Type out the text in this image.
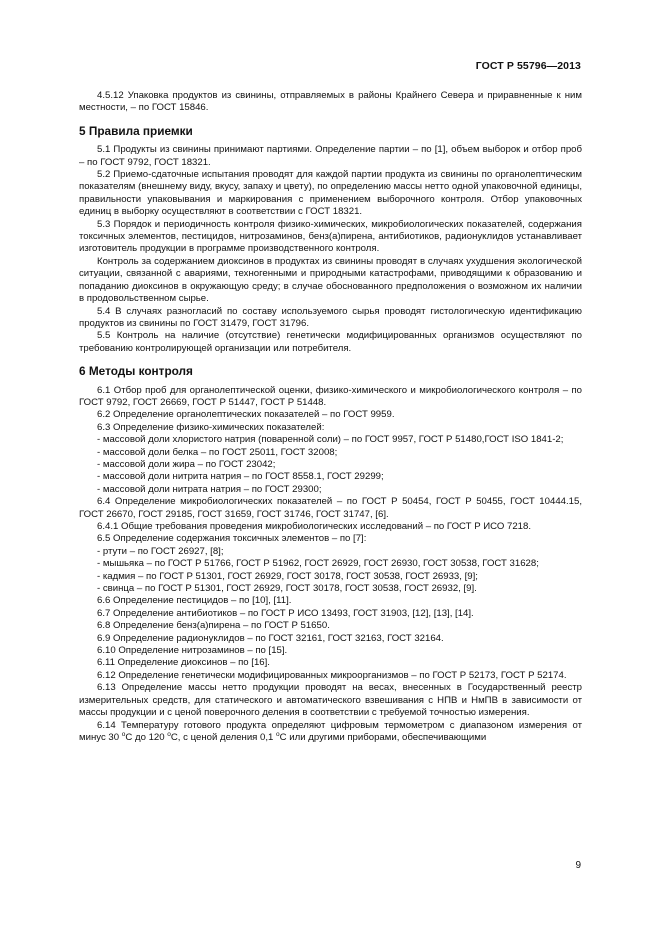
ГОСТ Р 55796—2013

4.5.12 Упаковка продуктов из свинины, отправляемых в районы Крайнего Севера и приравненные к ним местности, – по ГОСТ 15846.

5 Правила приемки

5.1 Продукты из свинины принимают партиями. Определение партии – по [1], объем выборок и отбор проб – по ГОСТ 9792, ГОСТ 18321.

5.2 Приемо-сдаточные испытания проводят для каждой партии продукта из свинины по органолептическим показателям (внешнему виду, вкусу, запаху и цвету), по определению массы нетто одной упаковочной единицы, правильности упаковывания и маркирования с применением выборочного контроля. Отбор упаковочных единиц в выборку осуществляют в соответствии с ГОСТ 18321.

5.3 Порядок и периодичность контроля физико-химических, микробиологических показателей, содержания токсичных элементов, пестицидов, нитрозаминов, бенз(а)пирена, антибиотиков, радионуклидов устанавливает изготовитель продукции в программе производственного контроля.

Контроль за содержанием диоксинов в продуктах из свинины проводят в случаях ухудшения экологической ситуации, связанной с авариями, техногенными и природными катастрофами, приводящими к образованию и попаданию диоксинов в окружающую среду; в случае обоснованного предположения о возможном их наличии в продовольственном сырье.

5.4 В случаях разногласий по составу используемого сырья проводят гистологическую идентификацию продуктов из свинины по ГОСТ 31479, ГОСТ 31796.

5.5 Контроль на наличие (отсутствие) генетически модифицированных организмов осуществляют по требованию контролирующей организации или потребителя.

6 Методы контроля

6.1 Отбор проб для органолептической оценки, физико-химического и микробиологического контроля – по ГОСТ 9792, ГОСТ 26669, ГОСТ Р 51447, ГОСТ Р 51448.

6.2 Определение органолептических показателей – по ГОСТ 9959.

6.3 Определение физико-химических показателей:

- массовой доли хлористого натрия (поваренной соли) – по ГОСТ 9957, ГОСТ Р 51480,ГОСТ ISO 1841-2;

- массовой доли белка – по ГОСТ 25011, ГОСТ 32008;

- массовой доли жира – по ГОСТ 23042;

- массовой доли нитрита натрия – по ГОСТ 8558.1, ГОСТ 29299;

- массовой доли нитрата натрия – по ГОСТ 29300;

6.4 Определение микробиологических показателей – по ГОСТ Р 50454, ГОСТ Р 50455, ГОСТ 10444.15, ГОСТ 26670, ГОСТ 29185, ГОСТ 31659, ГОСТ 31746, ГОСТ 31747, [6].

6.4.1 Общие требования проведения микробиологических исследований – по ГОСТ Р ИСО 7218.

6.5 Определение содержания токсичных элементов – по [7]:

- ртути – по ГОСТ 26927, [8];

- мышьяка – по ГОСТ Р 51766, ГОСТ Р 51962, ГОСТ 26929, ГОСТ 26930, ГОСТ 30538, ГОСТ 31628;

- кадмия – по ГОСТ Р 51301, ГОСТ 26929, ГОСТ 30178, ГОСТ 30538, ГОСТ 26933, [9];

- свинца – по ГОСТ Р 51301, ГОСТ 26929, ГОСТ 30178, ГОСТ 30538, ГОСТ 26932, [9].

6.6 Определение пестицидов – по [10], [11].

6.7 Определение антибиотиков – по ГОСТ Р ИСО 13493, ГОСТ 31903, [12], [13], [14].

6.8 Определение бенз(а)пирена – по ГОСТ Р 51650.

6.9 Определение радионуклидов – по ГОСТ 32161, ГОСТ 32163, ГОСТ 32164.

6.10 Определение нитрозаминов – по [15].

6.11 Определение диоксинов – по [16].

6.12 Определение генетически модифицированных микроорганизмов – по ГОСТ Р 52173, ГОСТ Р 52174.

6.13 Определение массы нетто продукции проводят на весах, внесенных в Государственный реестр измерительных средств, для статического и автоматического взвешивания с НПВ и НмПВ в зависимости от массы продукции и с ценой поверочного деления в соответствии с требуемой точностью измерения.

6.14 Температуру готового продукта определяют цифровым термометром с диапазоном измерения от минус 30 $^о$С до 120 $^о$С, с ценой деления 0,1 $^о$С или другими приборами, обеспечивающими

9
